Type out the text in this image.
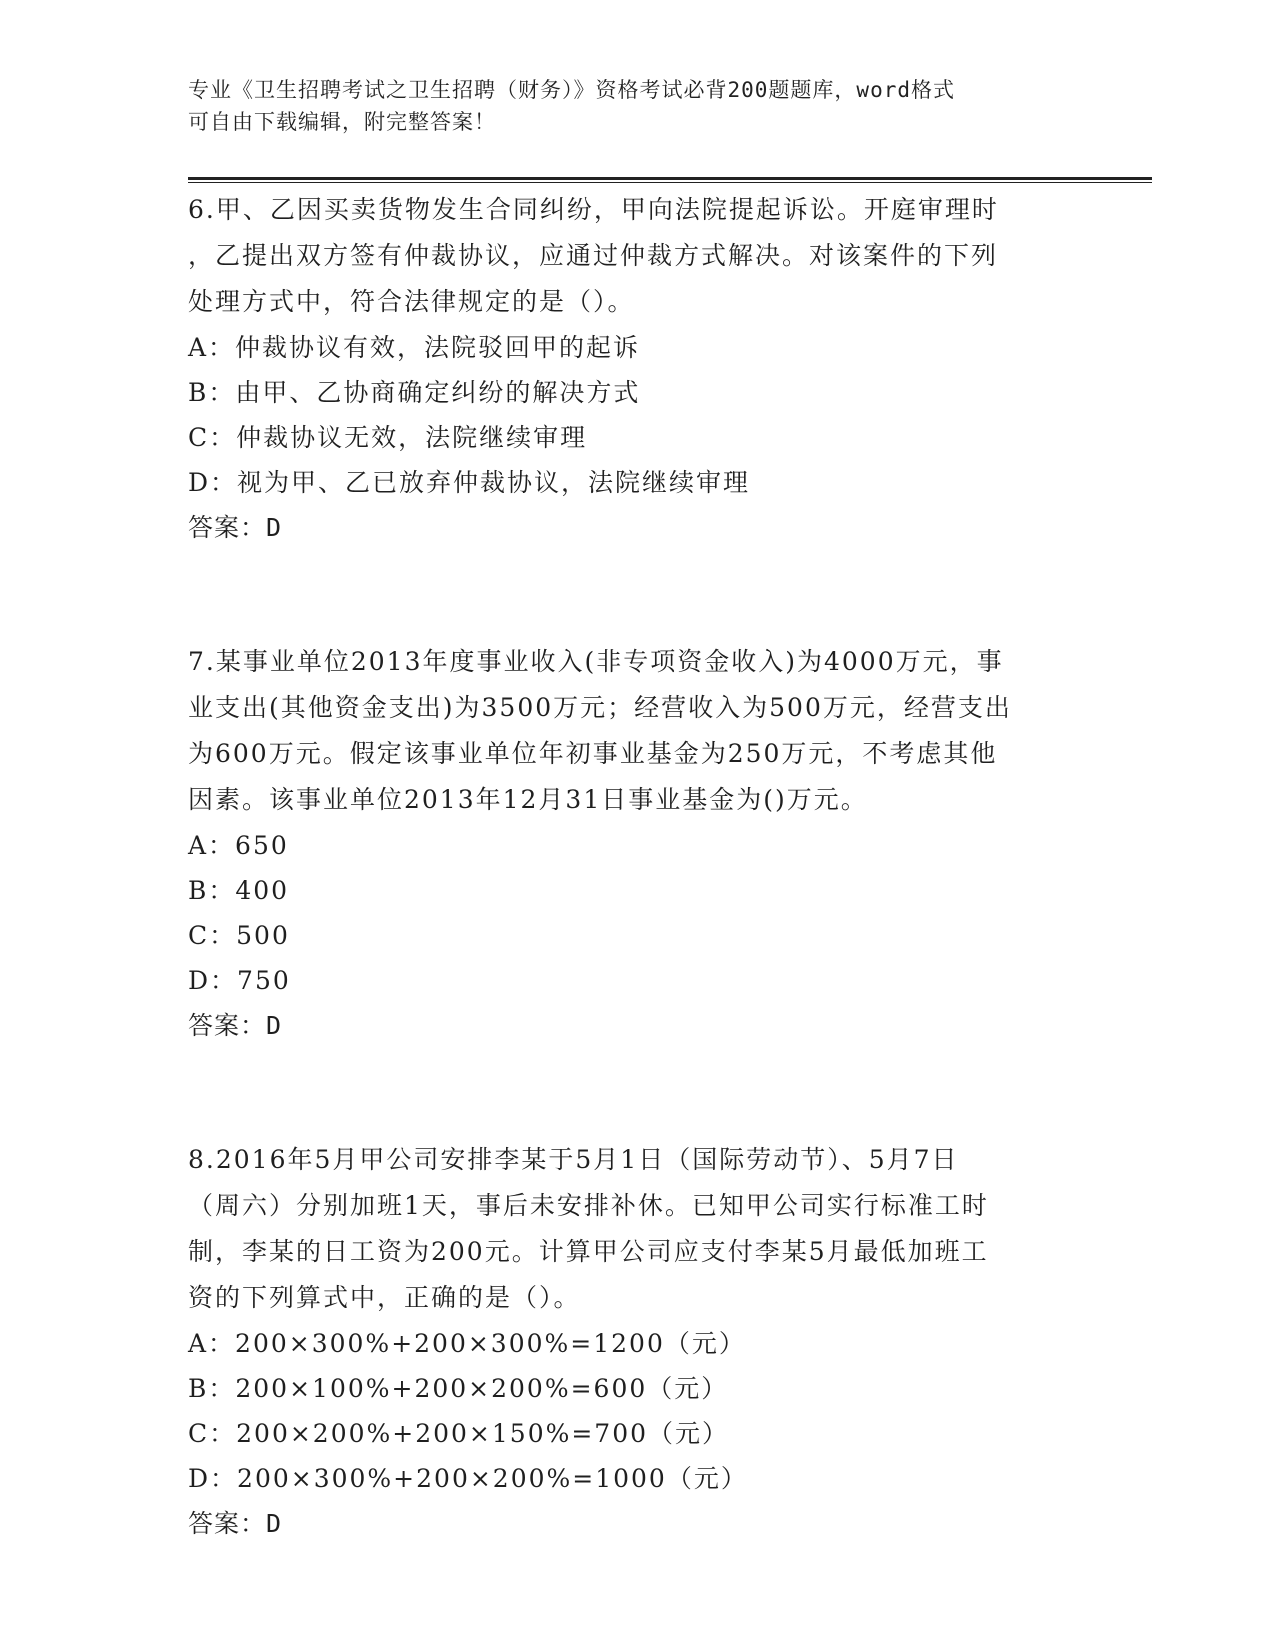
专业《卫生招聘考试之卫生招聘（财务）》资格考试必背200题题库，word格式
可自由下载编辑，附完整答案！
6.甲、乙因买卖货物发生合同纠纷，甲向法院提起诉讼。开庭审理时
，乙提出双方签有仲裁协议，应通过仲裁方式解决。对该案件的下列
处理方式中，符合法律规定的是（）。
A：仲裁协议有效，法院驳回甲的起诉
B：由甲、乙协商确定纠纷的解决方式
C：仲裁协议无效，法院继续审理
D：视为甲、乙已放弃仲裁协议，法院继续审理
答案：D
7.某事业单位2013年度事业收入(非专项资金收入)为4000万元，事
业支出(其他资金支出)为3500万元；经营收入为500万元，经营支出
为600万元。假定该事业单位年初事业基金为250万元，不考虑其他
因素。该事业单位2013年12月31日事业基金为()万元。
A：650
B：400
C：500
D：750
答案：D
8.2016年5月甲公司安排李某于5月1日（国际劳动节）、5月7日
（周六）分别加班1天，事后未安排补休。已知甲公司实行标准工时
制，李某的日工资为200元。计算甲公司应支付李某5月最低加班工
资的下列算式中，正确的是（）。
A：200×300%+200×300%=1200（元）
B：200×100%+200×200%=600（元）
C：200×200%+200×150%=700（元）
D：200×300%+200×200%=1000（元）
答案：D
